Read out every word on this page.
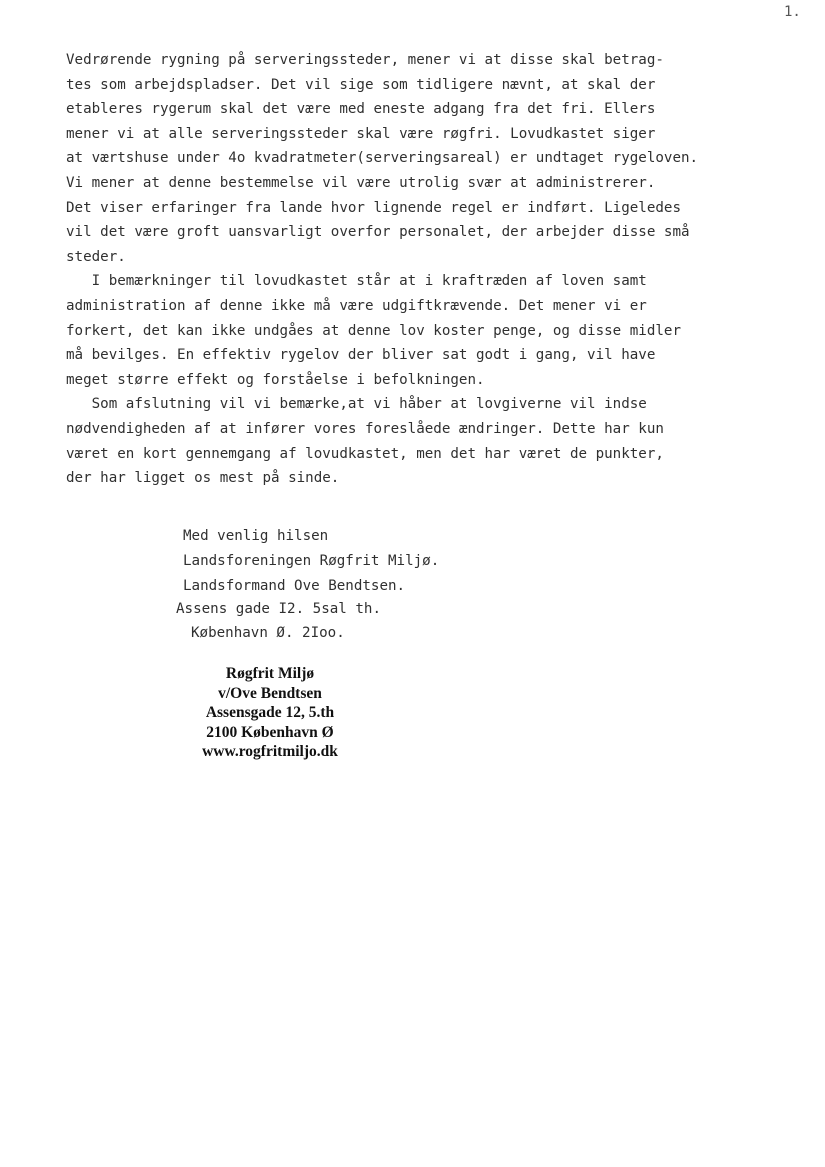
1.
Vedrørende rygning på serveringssteder, mener vi at disse skal betrag-
tes som arbejdspladser. Det vil sige som tidligere nævnt, at skal der
etableres rygerum skal det være med eneste adgang fra det fri. Ellers
mener vi at alle serveringssteder skal være røgfri. Lovudkastet siger
at værtshuse under 4o kvadratmeter(serveringsareal) er undtaget rygeloven.
Vi mener at denne bestemmelse vil være utrolig svær at administrerer.
Det viser erfaringer fra lande hvor lignende regel er indført. Ligeledes
vil det være groft uansvarligt overfor personalet, der arbejder disse små
steder.
I bemærkninger til lovudkastet står at i kraftræden af loven samt
administration af denne ikke må være udgiftkrævende. Det mener vi er
forkert, det kan ikke undgåes at denne lov koster penge, og disse midler
må bevilges. En effektiv rygelov der bliver sat godt i gang, vil have
meget større effekt og forståelse i befolkningen.
Som afslutning vil vi bemærke,at vi håber at lovgiverne vil indse
nødvendigheden af at infører vores foreslåede ændringer. Dette har kun
været en kort gennemgang af lovudkastet, men det har været de punkter,
der har ligget os mest på sinde.
Med venlig hilsen
Landsforeningen Røgfrit Miljø.
Landsformand Ove Bendtsen.
Assens gade I2. 5sal th.
København Ø. 2Ioo.
Røgfrit Miljø
v/Ove Bendtsen
Assensgade 12, 5.th
2100 København Ø
www.rogfritmiljo.dk
